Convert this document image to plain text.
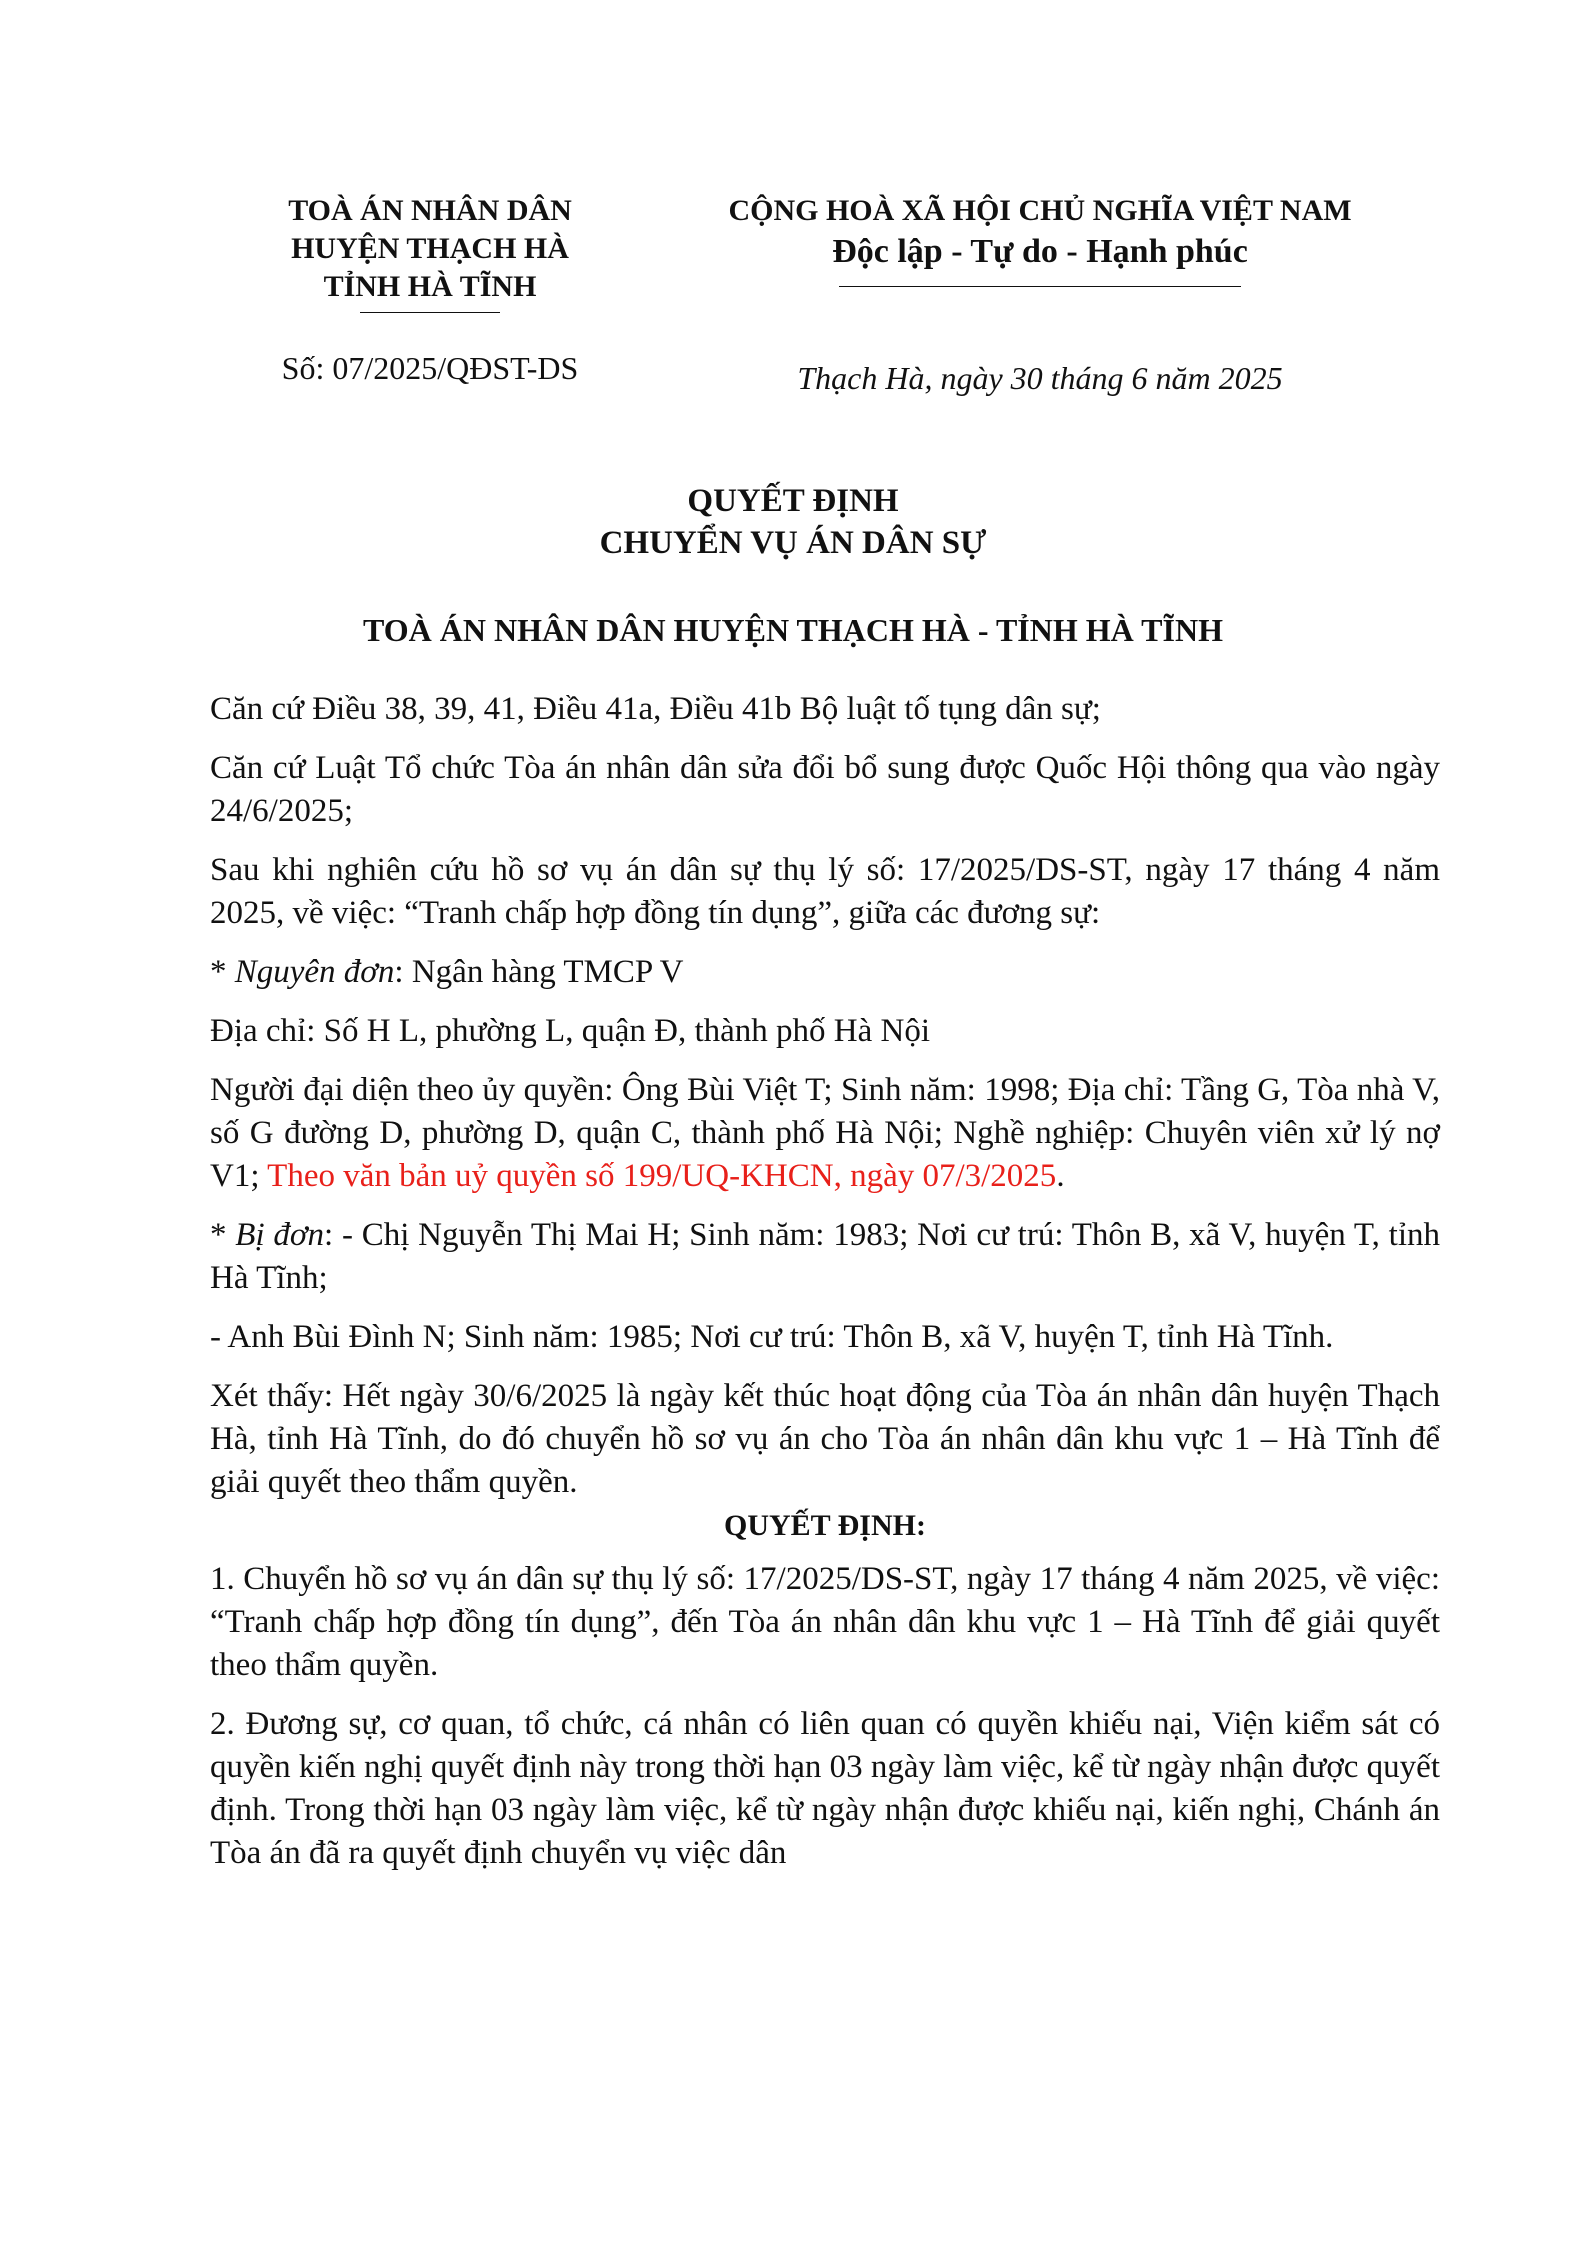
TOÀ ÁN NHÂN DÂN
HUYỆN THẠCH HÀ
TỈNH HÀ TĨNH
CỘNG HOÀ XÃ HỘI CHỦ NGHĨA VIỆT NAM
Độc lập - Tự do - Hạnh phúc
Số: 07/2025/QĐST-DS	Thạch Hà, ngày 30 tháng 6 năm 2025
QUYẾT ĐỊNH
CHUYỂN VỤ ÁN DÂN SỰ
TOÀ ÁN NHÂN DÂN HUYỆN THẠCH HÀ - TỈNH HÀ TĨNH

Căn cứ Điều 38, 39, 41, Điều 41a, Điều 41b Bộ luật tố tụng dân sự;

Căn cứ Luật Tổ chức Tòa án nhân dân sửa đổi bổ sung được Quốc Hội thông qua vào ngày 24/6/2025;

Sau khi nghiên cứu hồ sơ vụ án dân sự thụ lý số: 17/2025/DS-ST, ngày 17 tháng 4 năm 2025, về việc: “Tranh chấp hợp đồng tín dụng”, giữa các đương sự:

* Nguyên đơn: Ngân hàng TMCP V

Địa chỉ: Số H L, phường L, quận Đ, thành phố Hà Nội

Người đại diện theo ủy quyền: Ông Bùi Việt T; Sinh năm: 1998; Địa chỉ: Tầng G, Tòa nhà V, số G đường D, phường D, quận C, thành phố Hà Nội; Nghề nghiệp: Chuyên viên xử lý nợ V1; Theo văn bản uỷ quyền số 199/UQ-KHCN, ngày 07/3/2025.

* Bị đơn: - Chị Nguyễn Thị Mai H; Sinh năm: 1983; Nơi cư trú: Thôn B, xã V, huyện T, tỉnh Hà Tĩnh;

- Anh Bùi Đình N; Sinh năm: 1985; Nơi cư trú: Thôn B, xã V, huyện T, tỉnh Hà Tĩnh.

Xét thấy: Hết ngày 30/6/2025 là ngày kết thúc hoạt động của Tòa án nhân dân huyện Thạch Hà, tỉnh Hà Tĩnh, do đó chuyển hồ sơ vụ án cho Tòa án nhân dân khu vực 1 – Hà Tĩnh để giải quyết theo thẩm quyền.

QUYẾT ĐỊNH:

1. Chuyển hồ sơ vụ án dân sự thụ lý số: 17/2025/DS-ST, ngày 17 tháng 4 năm 2025, về việc: “Tranh chấp hợp đồng tín dụng”, đến Tòa án nhân dân khu vực 1 – Hà Tĩnh để giải quyết theo thẩm quyền.

2. Đương sự, cơ quan, tổ chức, cá nhân có liên quan có quyền khiếu nại, Viện kiểm sát có quyền kiến nghị quyết định này trong thời hạn 03 ngày làm việc, kể từ ngày nhận được quyết định. Trong thời hạn 03 ngày làm việc, kể từ ngày nhận được khiếu nại, kiến nghị, Chánh án Tòa án đã ra quyết định chuyển vụ việc dân
